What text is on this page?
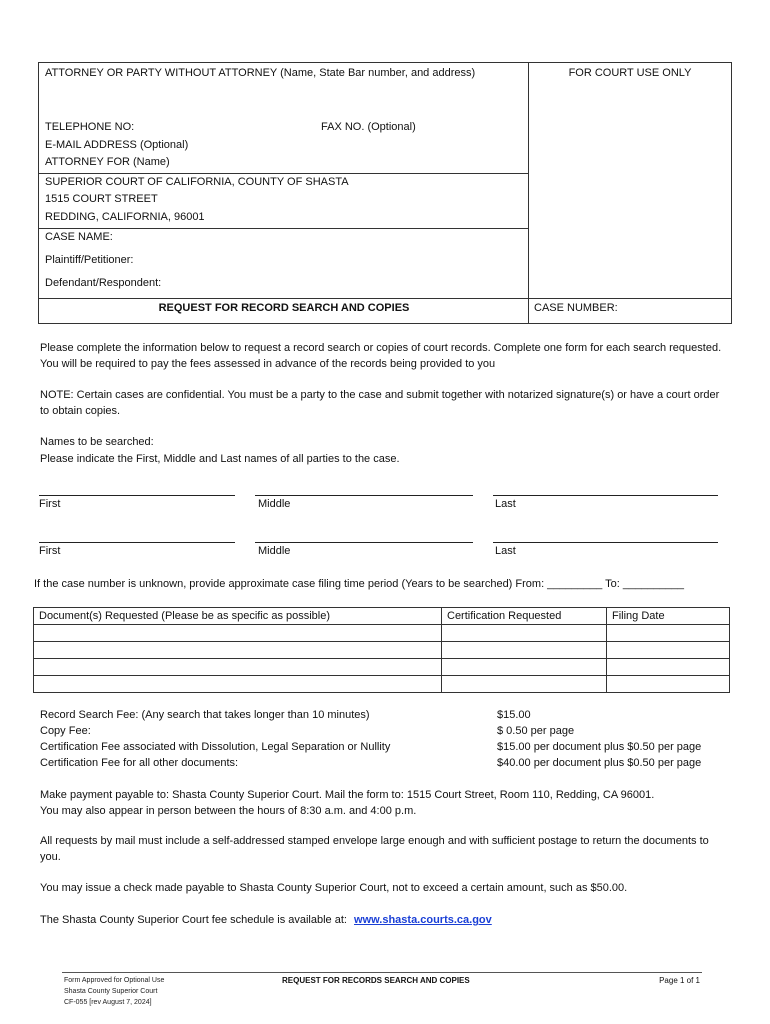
ATTORNEY OR PARTY WITHOUT ATTORNEY (Name, State Bar number, and address)
TELEPHONE NO:	FAX NO. (Optional)
E-MAIL ADDRESS (Optional)
ATTORNEY FOR (Name)
SUPERIOR COURT OF CALIFORNIA, COUNTY OF SHASTA
1515 COURT STREET
REDDING, CALIFORNIA, 96001
CASE NAME:
Plaintiff/Petitioner:
Defendant/Respondent:
REQUEST FOR RECORD SEARCH AND COPIES
FOR COURT USE ONLY
CASE NUMBER:
Please complete the information below to request a record search or copies of court records. Complete one form for each search requested. You will be required to pay the fees assessed in advance of the records being provided to you
NOTE: Certain cases are confidential. You must be a party to the case and submit together with notarized signature(s) or have a court order to obtain copies.
Names to be searched:
Please indicate the First, Middle and Last names of all parties to the case.
First	Middle	Last
First	Middle	Last
If the case number is unknown, provide approximate case filing time period (Years to be searched) From: _________ To: __________
Document(s) Requested (Please be as specific as possible)	Certification Requested	Filing Date

Record Search Fee: (Any search that takes longer than 10 minutes)	$15.00
Copy Fee:	$ 0.50 per page
Certification Fee associated with Dissolution, Legal Separation or Nullity	$15.00 per document plus $0.50 per page
Certification Fee for all other documents:	$40.00 per document plus $0.50 per page
Make payment payable to: Shasta County Superior Court. Mail the form to: 1515 Court Street, Room 110, Redding, CA 96001.
You may also appear in person between the hours of 8:30 a.m. and 4:00 p.m.
All requests by mail must include a self-addressed stamped envelope large enough and with sufficient postage to return the documents to you.
You may issue a check made payable to Shasta County Superior Court, not to exceed a certain amount, such as $50.00.
The Shasta County Superior Court fee schedule is available at: www.shasta.courts.ca.gov
Form Approved for Optional Use
Shasta County Superior Court
CF-055 [rev August 7, 2024]
REQUEST FOR RECORDS SEARCH AND COPIES	Page 1 of 1
